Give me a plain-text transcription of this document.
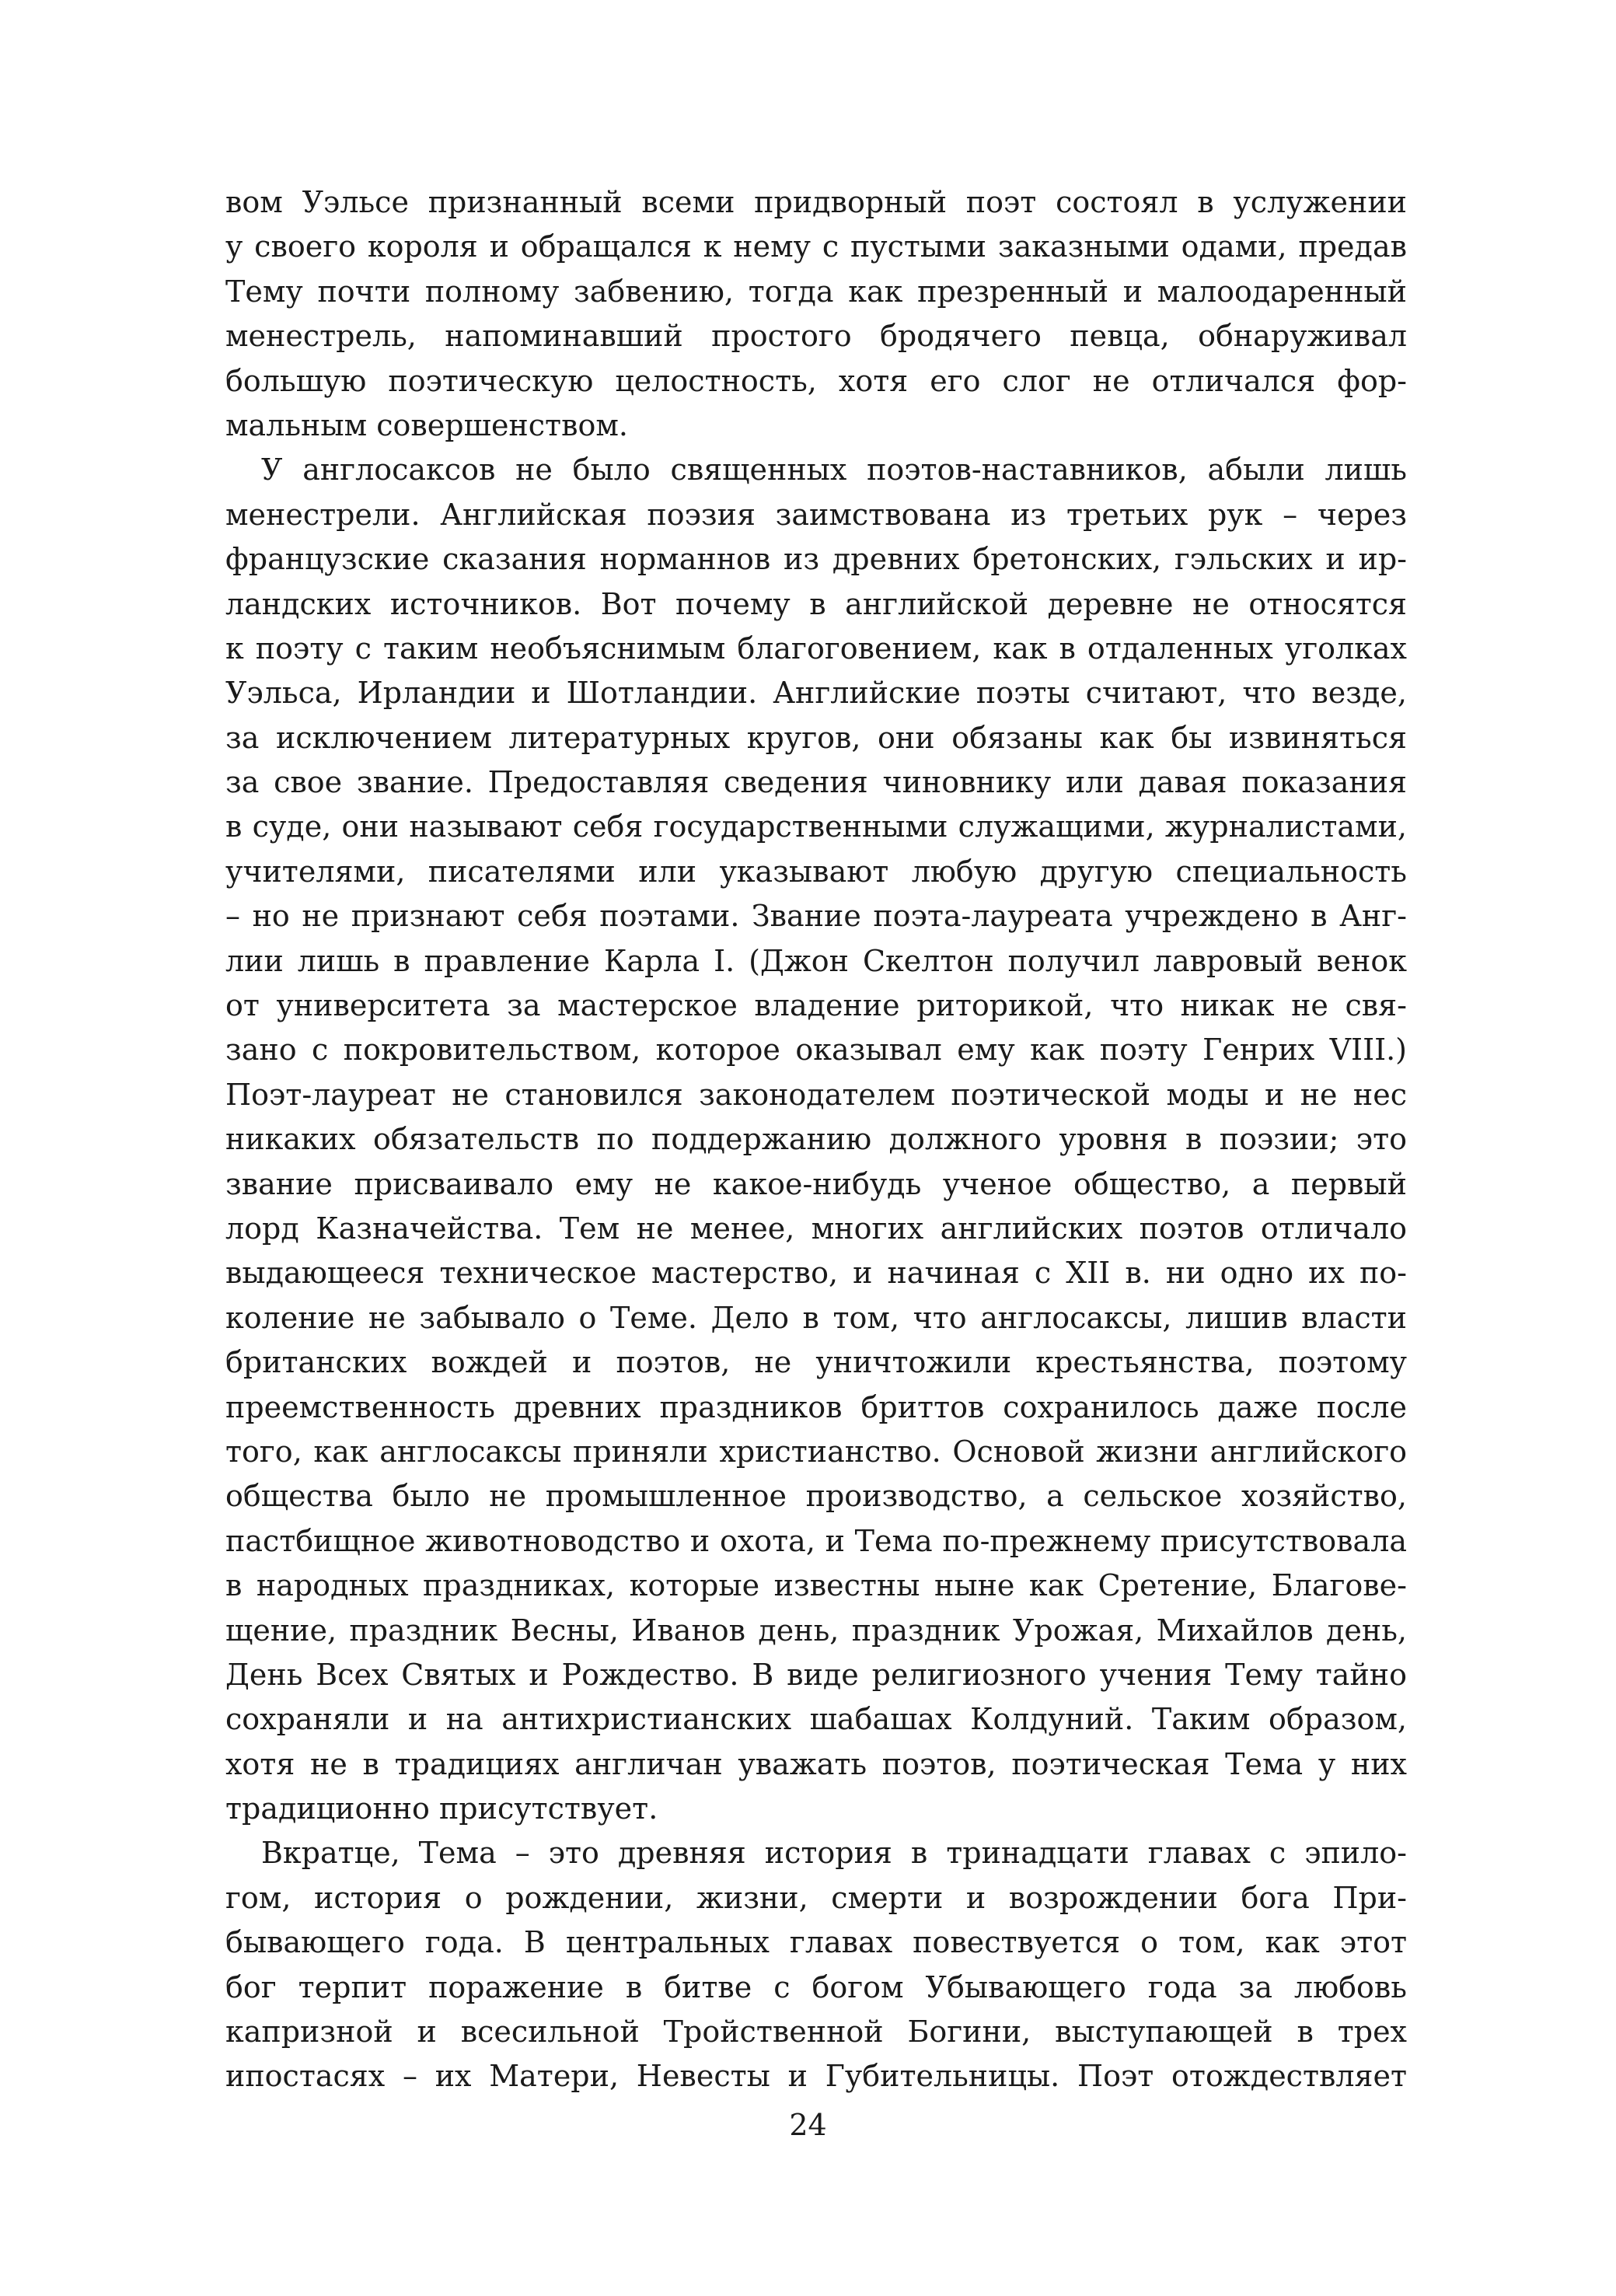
вом Уэльсе признанный всеми придворный поэт состоял в услужении
у своего короля и обращался к нему с пустыми заказными одами, предав
Тему почти полному забвению, тогда как презренный и малоодаренный
менестрель, напоминавший простого бродячего певца, обнаруживал
большую поэтическую целостность, хотя его слог не отличался фор-
мальным совершенством.
У англосаксов не было священных поэтов-наставников, абыли лишь
менестрели. Английская поэзия заимствована из третьих рук – через
французские сказания норманнов из древних бретонских, гэльских и ир-
ландских источников. Вот почему в английской деревне не относятся
к поэту с таким необъяснимым благоговением, как в отдаленных уголках
Уэльса, Ирландии и Шотландии. Английские поэты считают, что везде,
за исключением литературных кругов, они обязаны как бы извиняться
за свое звание. Предоставляя сведения чиновнику или давая показания
в суде, они называют себя государственными служащими, журналистами,
учителями, писателями или указывают любую другую специальность
– но не признают себя поэтами. Звание поэта-лауреата учреждено в Анг-
лии лишь в правление Карла I. (Джон Скелтон получил лавровый венок
от университета за мастерское владение риторикой, что никак не свя-
зано с покровительством, которое оказывал ему как поэту Генрих VIII.)
Поэт-лауреат не становился законодателем поэтической моды и не нес
никаких обязательств по поддержанию должного уровня в поэзии; это
звание присваивало ему не какое-нибудь ученое общество, а первый
лорд Казначейства. Тем не менее, многих английских поэтов отличало
выдающееся техническое мастерство, и начиная с XII в. ни одно их по-
коление не забывало о Теме. Дело в том, что англосаксы, лишив власти
британских вождей и поэтов, не уничтожили крестьянства, поэтому
преемственность древних праздников бриттов сохранилось даже после
того, как англосаксы приняли христианство. Основой жизни английского
общества было не промышленное производство, а сельское хозяйство,
пастбищное животноводство и охота, и Тема по-прежнему присутствовала
в народных праздниках, которые известны ныне как Сретение, Благове-
щение, праздник Весны, Иванов день, праздник Урожая, Михайлов день,
День Всех Святых и Рождество. В виде религиозного учения Тему тайно
сохраняли и на антихристианских шабашах Колдуний. Таким образом,
хотя не в традициях англичан уважать поэтов, поэтическая Тема у них
традиционно присутствует.
Вкратце, Тема – это древняя история в тринадцати главах с эпило-
гом, история о рождении, жизни, смерти и возрождении бога При-
бывающего года. В центральных главах повествуется о том, как этот
бог терпит поражение в битве с богом Убывающего года за любовь
капризной и всесильной Тройственной Богини, выступающей в трех
ипостасях – их Матери, Невесты и Губительницы. Поэт отождествляет
24
